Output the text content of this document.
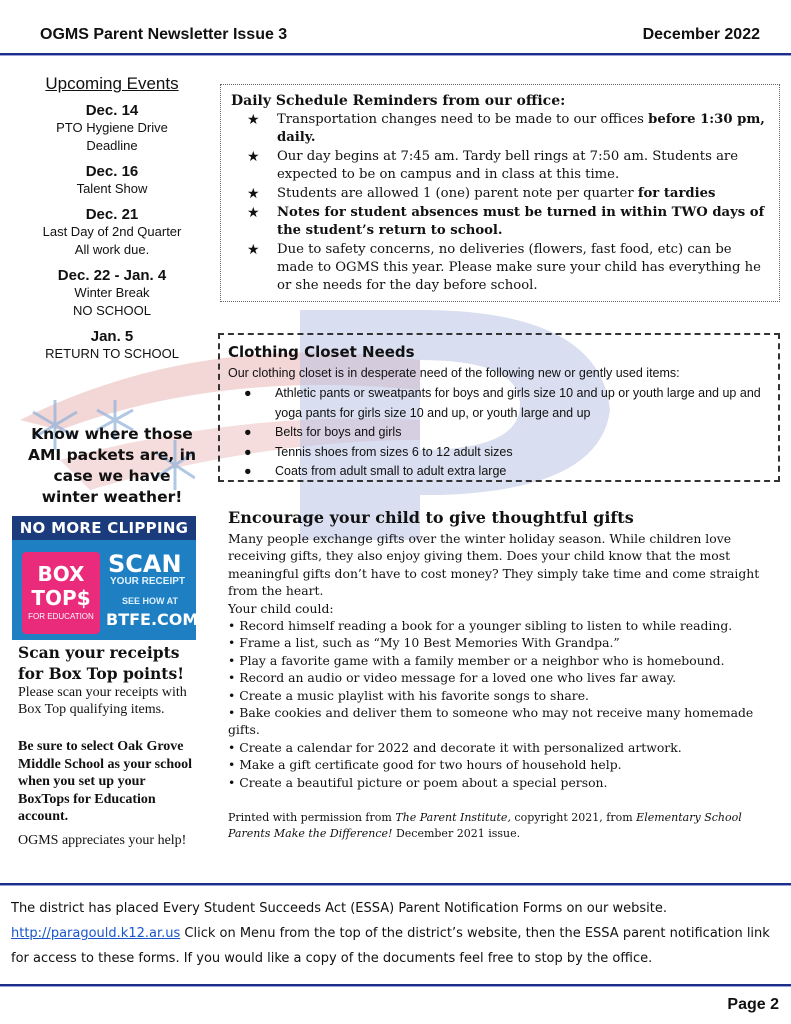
OGMS Parent Newsletter Issue 3	December 2022
Upcoming Events
Dec. 14
PTO Hygiene Drive
Deadline
Dec. 16
Talent Show
Dec. 21
Last Day of 2nd Quarter
All work due.
Dec. 22 - Jan. 4
Winter Break
NO SCHOOL
Jan. 5
RETURN TO SCHOOL
Know where those AMI packets are, in case we have winter weather!
NO MORE CLIPPING
BOX
TOP$
FOR EDUCATION
SCAN
YOUR RECEIPT
SEE HOW AT
BTFE.COM
Scan your receipts for Box Top points!
Please scan your receipts with Box Top qualifying items.
Be sure to select Oak Grove Middle School as your school when you set up your BoxTops for Education account.
OGMS appreciates your help!
Daily Schedule Reminders from our office:
★ Transportation changes need to be made to our offices before 1:30 pm, daily.
★ Our day begins at 7:45 am. Tardy bell rings at 7:50 am. Students are expected to be on campus and in class at this time.
★ Students are allowed 1 (one) parent note per quarter for tardies
★ Notes for student absences must be turned in within TWO days of the student’s return to school.
★ Due to safety concerns, no deliveries (flowers, fast food, etc) can be made to OGMS this year. Please make sure your child has everything he or she needs for the day before school.
Clothing Closet Needs
Our clothing closet is in desperate need of the following new or gently used items:
● Athletic pants or sweatpants for boys and girls size 10 and up or youth large and up and yoga pants for girls size 10 and up, or youth large and up
● Belts for boys and girls
● Tennis shoes from sizes 6 to 12 adult sizes
● Coats from adult small to adult extra large
Encourage your child to give thoughtful gifts

Many people exchange gifts over the winter holiday season. While children love receiving gifts, they also enjoy giving them. Does your child know that the most meaningful gifts don’t have to cost money? They simply take time and come straight from the heart.

Your child could:

• Record himself reading a book for a younger sibling to listen to while reading.

• Frame a list, such as “My 10 Best Memories With Grandpa.”

• Play a favorite game with a family member or a neighbor who is homebound.

• Record an audio or video message for a loved one who lives far away.

• Create a music playlist with his favorite songs to share.

• Bake cookies and deliver them to someone who may not receive many homemade gifts.

• Create a calendar for 2022 and decorate it with personalized artwork.

• Make a gift certificate good for two hours of household help.

• Create a beautiful picture or poem about a special person.

Printed with permission from The Parent Institute, copyright 2021, from Elementary School Parents Make the Difference! December 2021 issue.
The district has placed Every Student Succeeds Act (ESSA) Parent Notification Forms on our website.
http://paragould.k12.ar.us Click on Menu from the top of the district’s website, then the ESSA parent notification link for access to these forms. If you would like a copy of the documents feel free to stop by the office.
Page 2
